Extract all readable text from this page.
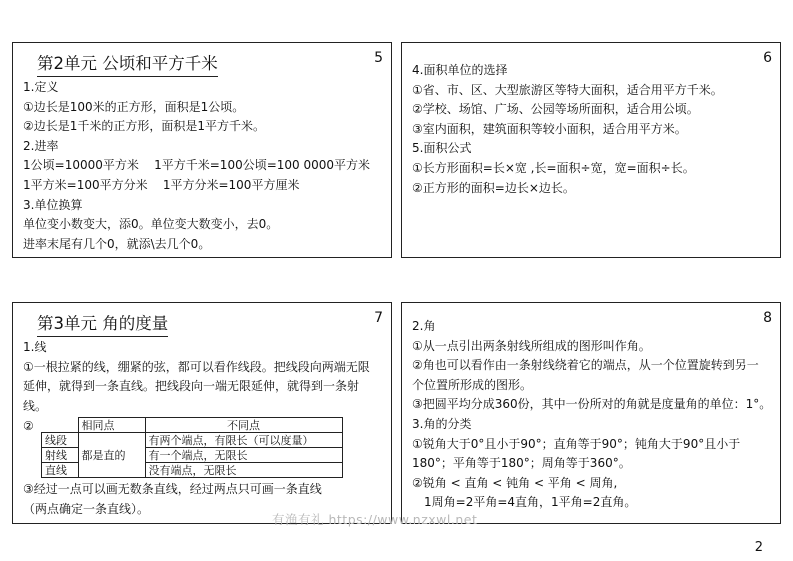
5
第2单元 公顷和平方千米
1.定义
①边长是100米的正方形，面积是1公顷。
②边长是1千米的正方形，面积是1平方千米。
2.进率
1公顷=10000平方米    1平方千米=100公顷=100 0000平方米
1平方米=100平方分米    1平方分米=100平方厘米
3.单位换算
单位变小数变大，添0。单位变大数变小，去0。
进率末尾有几个0，就添\去几个0。
6
4.面积单位的选择
①省、市、区、大型旅游区等特大面积，适合用平方千米。
②学校、场馆、广场、公园等场所面积，适合用公顷。
③室内面积，建筑面积等较小面积，适合用平方米。
5.面积公式
①长方形面积=长×宽 ,长=面积÷宽，宽=面积÷长。
②正方形的面积=边长×边长。
7
第3单元 角的度量
1.线
①一根拉紧的线，绷紧的弦，都可以看作线段。把线段向两端无限延伸，就得到一条直线。把线段向一端无限延伸，就得到一条射线。
②
		相同点	不同点
线段	都是直的	有两个端点，有限长（可以度量）
射线		有一个端点，无限长
直线		没有端点，无限长
③经过一点可以画无数条直线，经过两点只可画一条直线
（两点确定一条直线）。
8
2.角
①从一点引出两条射线所组成的图形叫作角。
②角也可以看作由一条射线绕着它的端点，从一个位置旋转到另一个位置所形成的图形。
③把圆平均分成360份，其中一份所对的角就是度量角的单位：1°。
3.角的分类
①锐角大于0°且小于90°；直角等于90°；钝角大于90°且小于180°；平角等于180°；周角等于360°。
②锐角 < 直角 < 钝角 < 平角 < 周角,
1周角=2平角=4直角，1平角=2直角。
有渔有礼 https://www.nzxwl.net
2
